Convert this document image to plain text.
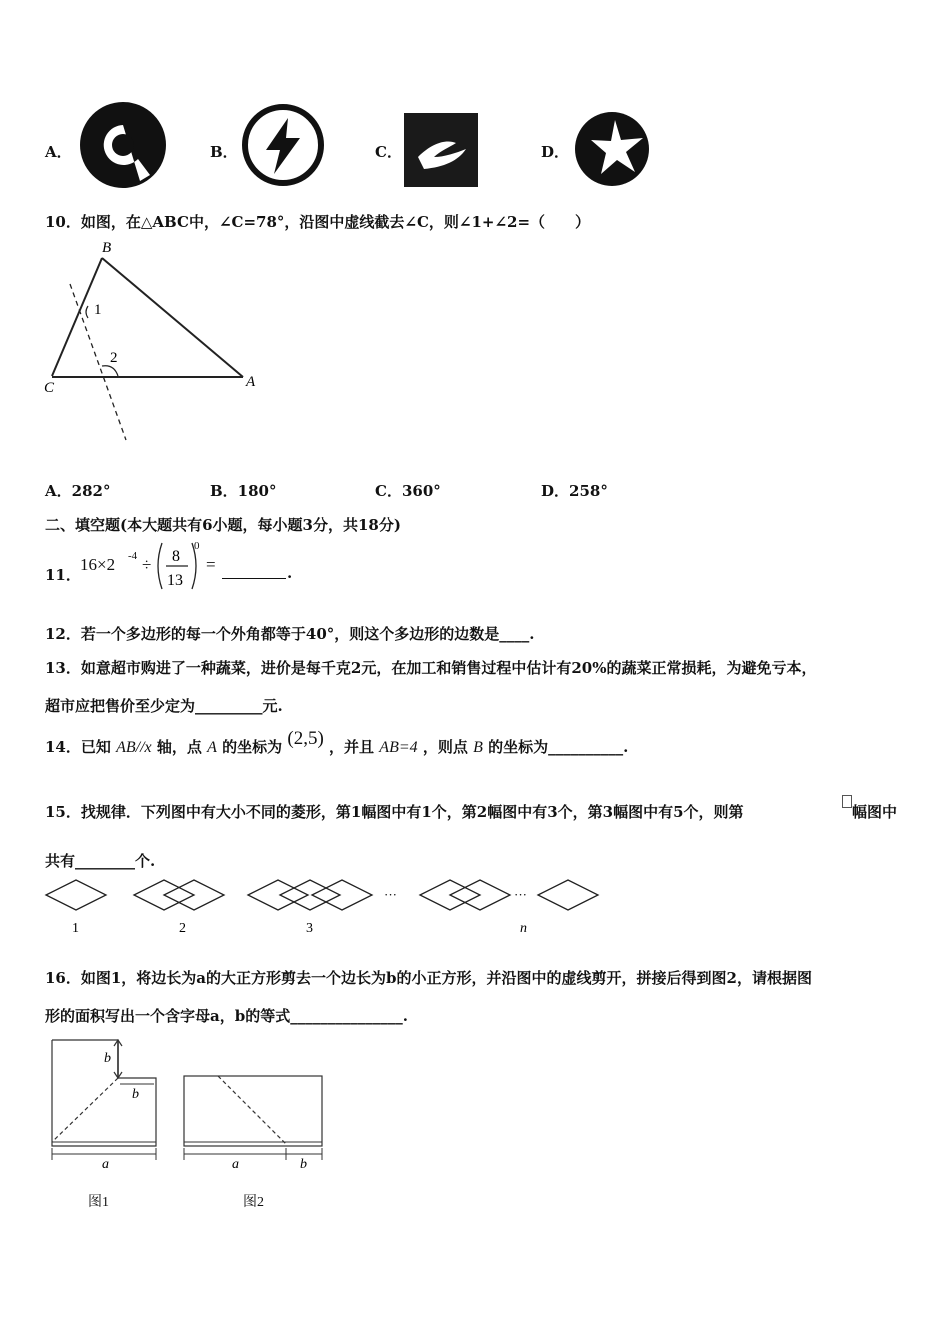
A．	B．	C．	D．
10．如图，在△ABC中，∠C=78°，沿图中虚线截去∠C，则∠1+∠2=（　　）
B
A
C
1
2
A．282°	B．180°	C．360°	D．258°
二、填空题(本大题共有6小题，每小题3分，共18分)
11．
16×2 -4 ÷ 8
13
0
=	.
12．若一个多边形的每一个外角都等于40°，则这个多边形的边数是____.
13．如意超市购进了一种蔬菜，进价是每千克2元，在加工和销售过程中估计有20%的蔬菜正常损耗，为避免亏本，
超市应把售价至少定为_________元.
14．已知 AB//x 轴，点 A 的坐标为 (2,5) ，并且 AB=4 ，则点 B 的坐标为__________.
15．找规律．下列图中有大小不同的菱形，第1幅图中有1个，第2幅图中有3个，第3幅图中有5个，则第	幅图中
共有________个.
···	···
1	2	3	n
16．如图1，将边长为a的大正方形剪去一个边长为b的小正方形，并沿图中的虚线剪开，拼接后得到图2，请根据图
形的面积写出一个含字母a，b的等式_______________.
b
b
a	a	b
图1	图2
